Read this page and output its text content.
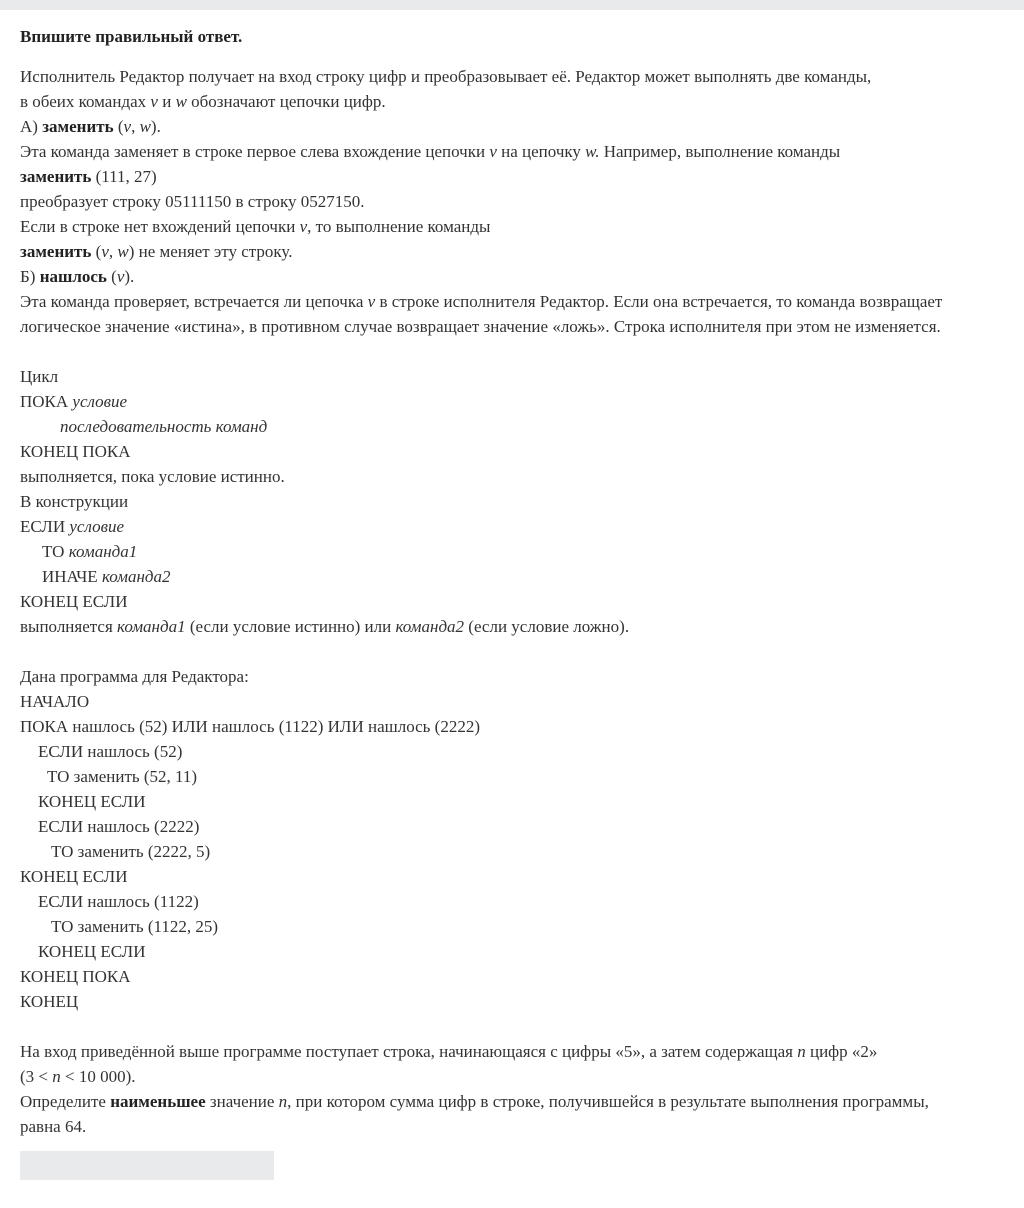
Впишите правильный ответ.
Исполнитель Редактор получает на вход строку цифр и преобразовывает её. Редактор может выполнять две команды,
в обеих командах v и w обозначают цепочки цифр.
А) заменить (v, w).
Эта команда заменяет в строке первое слева вхождение цепочки v на цепочку w. Например, выполнение команды
заменить (111, 27)
преобразует строку 05111150 в строку 0527150.
Если в строке нет вхождений цепочки v, то выполнение команды
заменить (v, w) не меняет эту строку.
Б) нашлось (v).
Эта команда проверяет, встречается ли цепочка v в строке исполнителя Редактор. Если она встречается, то команда возвращает
логическое значение «истина», в противном случае возвращает значение «ложь». Строка исполнителя при этом не изменяется.
Цикл
ПОКА условие
последовательность команд
КОНЕЦ ПОКА
выполняется, пока условие истинно.
В конструкции
ЕСЛИ условие
ТО команда1
ИНАЧЕ команда2
КОНЕЦ ЕСЛИ
выполняется команда1 (если условие истинно) или команда2 (если условие ложно).
Дана программа для Редактора:
НАЧАЛО
ПОКА нашлось (52) ИЛИ нашлось (1122) ИЛИ нашлось (2222)
ЕСЛИ нашлось (52)
ТО заменить (52, 11)
КОНЕЦ ЕСЛИ
ЕСЛИ нашлось (2222)
ТО заменить (2222, 5)
КОНЕЦ ЕСЛИ
ЕСЛИ нашлось (1122)
ТО заменить (1122, 25)
КОНЕЦ ЕСЛИ
КОНЕЦ ПОКА
КОНЕЦ
На вход приведённой выше программе поступает строка, начинающаяся с цифры «5», а затем содержащая n цифр «2»
(3 < n < 10 000).
Определите наименьшее значение n, при котором сумма цифр в строке, получившейся в результате выполнения программы,
равна 64.
